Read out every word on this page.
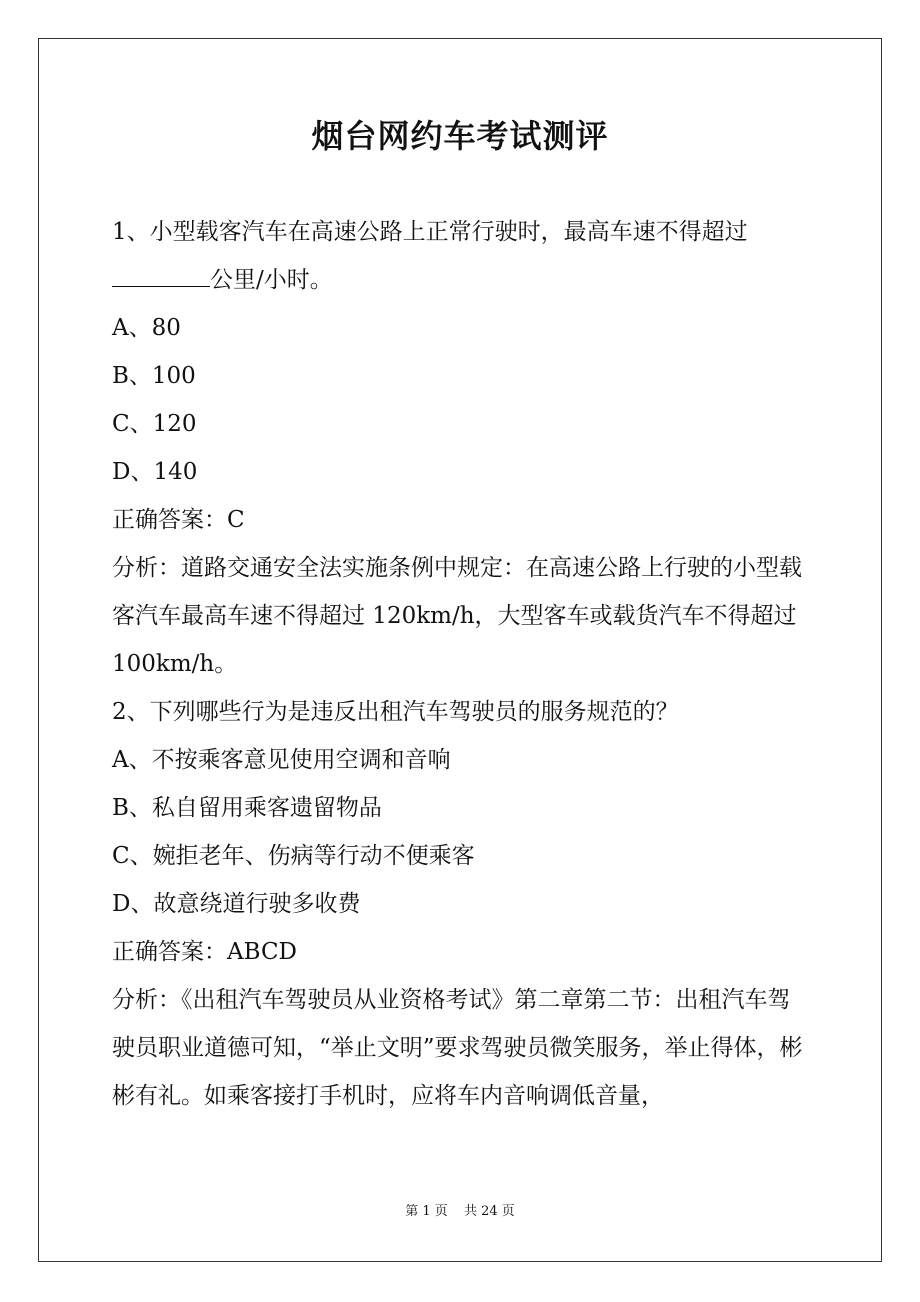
烟台网约车考试测评
1、小型载客汽车在高速公路上正常行驶时，最高车速不得超过
公里/小时。
A、80
B、100
C、120
D、140
正确答案：C
分析：道路交通安全法实施条例中规定：在高速公路上行驶的小型载客汽车最高车速不得超过 120km/h，大型客车或载货汽车不得超过 100km/h。
2、下列哪些行为是违反出租汽车驾驶员的服务规范的？
A、不按乘客意见使用空调和音响
B、私自留用乘客遗留物品
C、婉拒老年、伤病等行动不便乘客
D、故意绕道行驶多收费
正确答案：ABCD
分析：《出租汽车驾驶员从业资格考试》第二章第二节：出租汽车驾驶员职业道德可知，“举止文明”要求驾驶员微笑服务，举止得体，彬彬有礼。如乘客接打手机时，应将车内音响调低音量，
第 1 页 共 24 页
